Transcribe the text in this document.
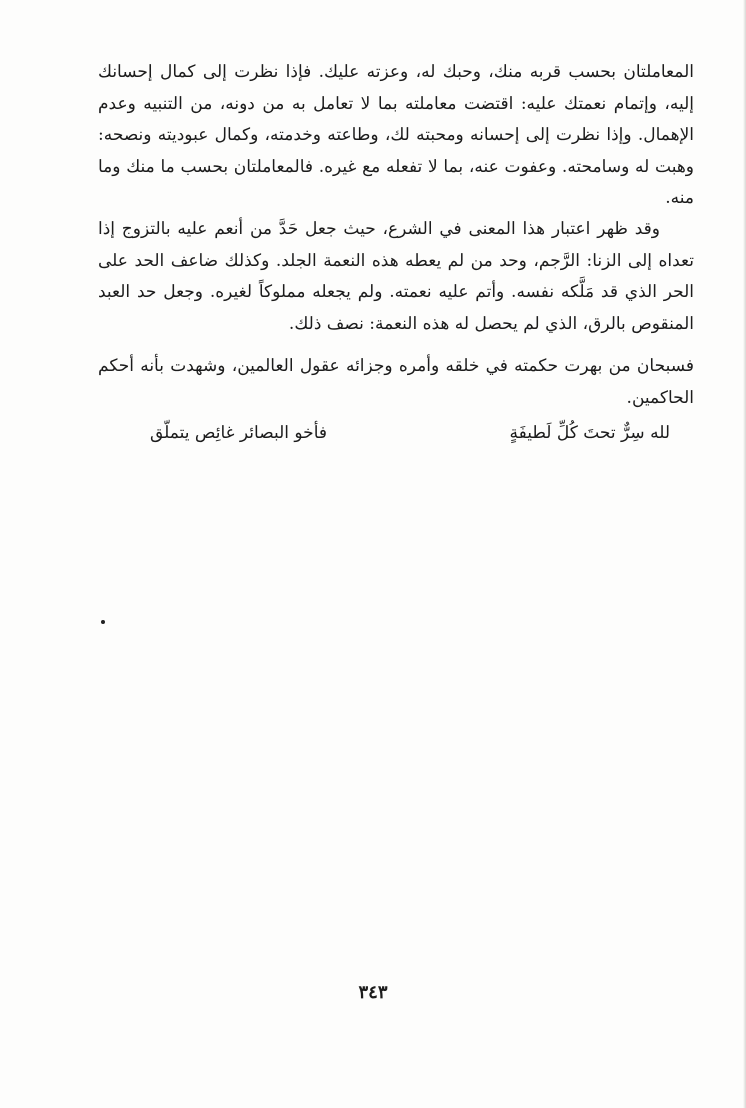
المعاملتان بحسب قربه منك، وحبك له، وعزته عليك. فإذا نظرت إلى كمال إحسانك إليه، وإتمام نعمتك عليه: اقتضت معاملته بما لا تعامل به من دونه، من التنبيه وعدم الإهمال. وإذا نظرت إلى إحسانه ومحبته لك، وطاعته وخدمته، وكمال عبوديته ونصحه: وهبت له وسامحته. وعفوت عنه، بما لا تفعله مع غيره. فالمعاملتان بحسب ما منك وما منه.

وقد ظهر اعتبار هذا المعنى في الشرع، حيث جعل حَدَّ من أنعم عليه بالتزوج إذا تعداه إلى الزنا: الرَّجم، وحد من لم يعطه هذه النعمة الجلد. وكذلك ضاعف الحد على الحر الذي قد مَلَّكه نفسه. وأتم عليه نعمته. ولم يجعله مملوكاً لغيره. وجعل حد العبد المنقوص بالرق، الذي لم يحصل له هذه النعمة: نصف ذلك.

فسبحان من بهرت حكمته في خلقه وأمره وجزائه عقول العالمين، وشهدت بأنه أحكم الحاكمين.

لله سِرٌّ تحتَ كُلِّ لَطيفَةٍ
فأخو البصائر غائِص يتملّق
٣٤٣
